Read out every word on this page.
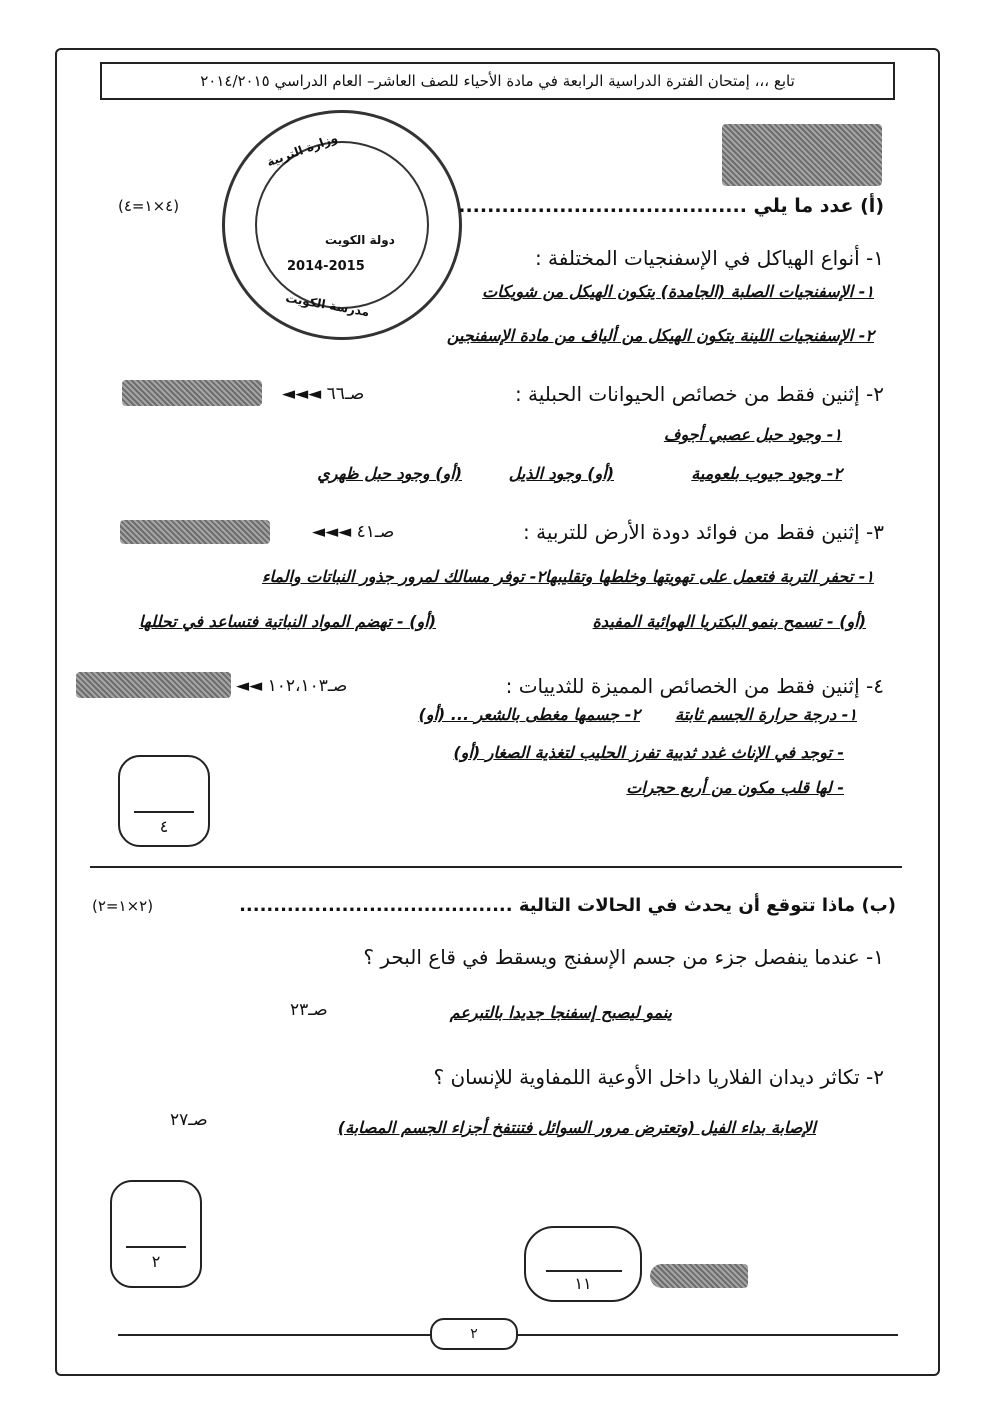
تابع ،،، إمتحان الفترة الدراسية الرابعة في مادة الأحياء للصف العاشر– العام الدراسي ٢٠١٤/٢٠١٥
وزارة التربية
دولة الكويت
2014-2015
مدرسة الكويت
(٤×١=٤)	(أ) عدد ما يلي ........................................
١- أنواع الهياكل في الإسفنجيات المختلفة :
١- الإسفنجيات الصلبة (الجامدة) يتكون الهيكل من شويكات
٢- الإسفنجيات اللينة يتكون الهيكل من ألياف من مادة الإسفنجين
صـ٦٦ ◄◄◄	٢- إثنين فقط من خصائص الحيوانات الحبلية :
١- وجود حبل عصبي أجوف
٢- وجود جيوب بلعومية
(أو) وجود الذيل
(أو) وجود حبل ظهري
صـ٤١ ◄◄◄	٣- إثنين فقط من فوائد دودة الأرض للتربية :
١- تحفر التربة فتعمل على تهويتها وخلطها وتقليبها
٢- توفر مسالك لمرور جذور النباتات والماء
(أو) - تسمح بنمو البكتريا الهوائية المفيدة
(أو) - تهضم المواد النباتية فتساعد في تحللها
صـ١٠٢،١٠٣ ◄◄	٤- إثنين فقط من الخصائص المميزة للثدييات :
١- درجة حرارة الجسم ثابتة
٢- جسمها مغطى بالشعر ... (أو)
- توجد في الإناث غدد ثديية تفرز الحليب لتغذية الصغار (أو)
- لها قلب مكون من أربع حجرات
٤
(٢×١=٢)	(ب) ماذا تتوقع أن يحدث في الحالات التالية ........................................
١- عندما ينفصل جزء من جسم الإسفنج ويسقط في قاع البحر ؟
صـ٢٣	ينمو ليصبح إسفنجا جديدا بالتبرعم
٢- تكاثر ديدان الفلاريا داخل الأوعية اللمفاوية للإنسان ؟
صـ٢٧	الإصابة بداء الفيل (وتعترض مرور السوائل فتنتفخ أجزاء الجسم المصابة)
٢
١١
٢
